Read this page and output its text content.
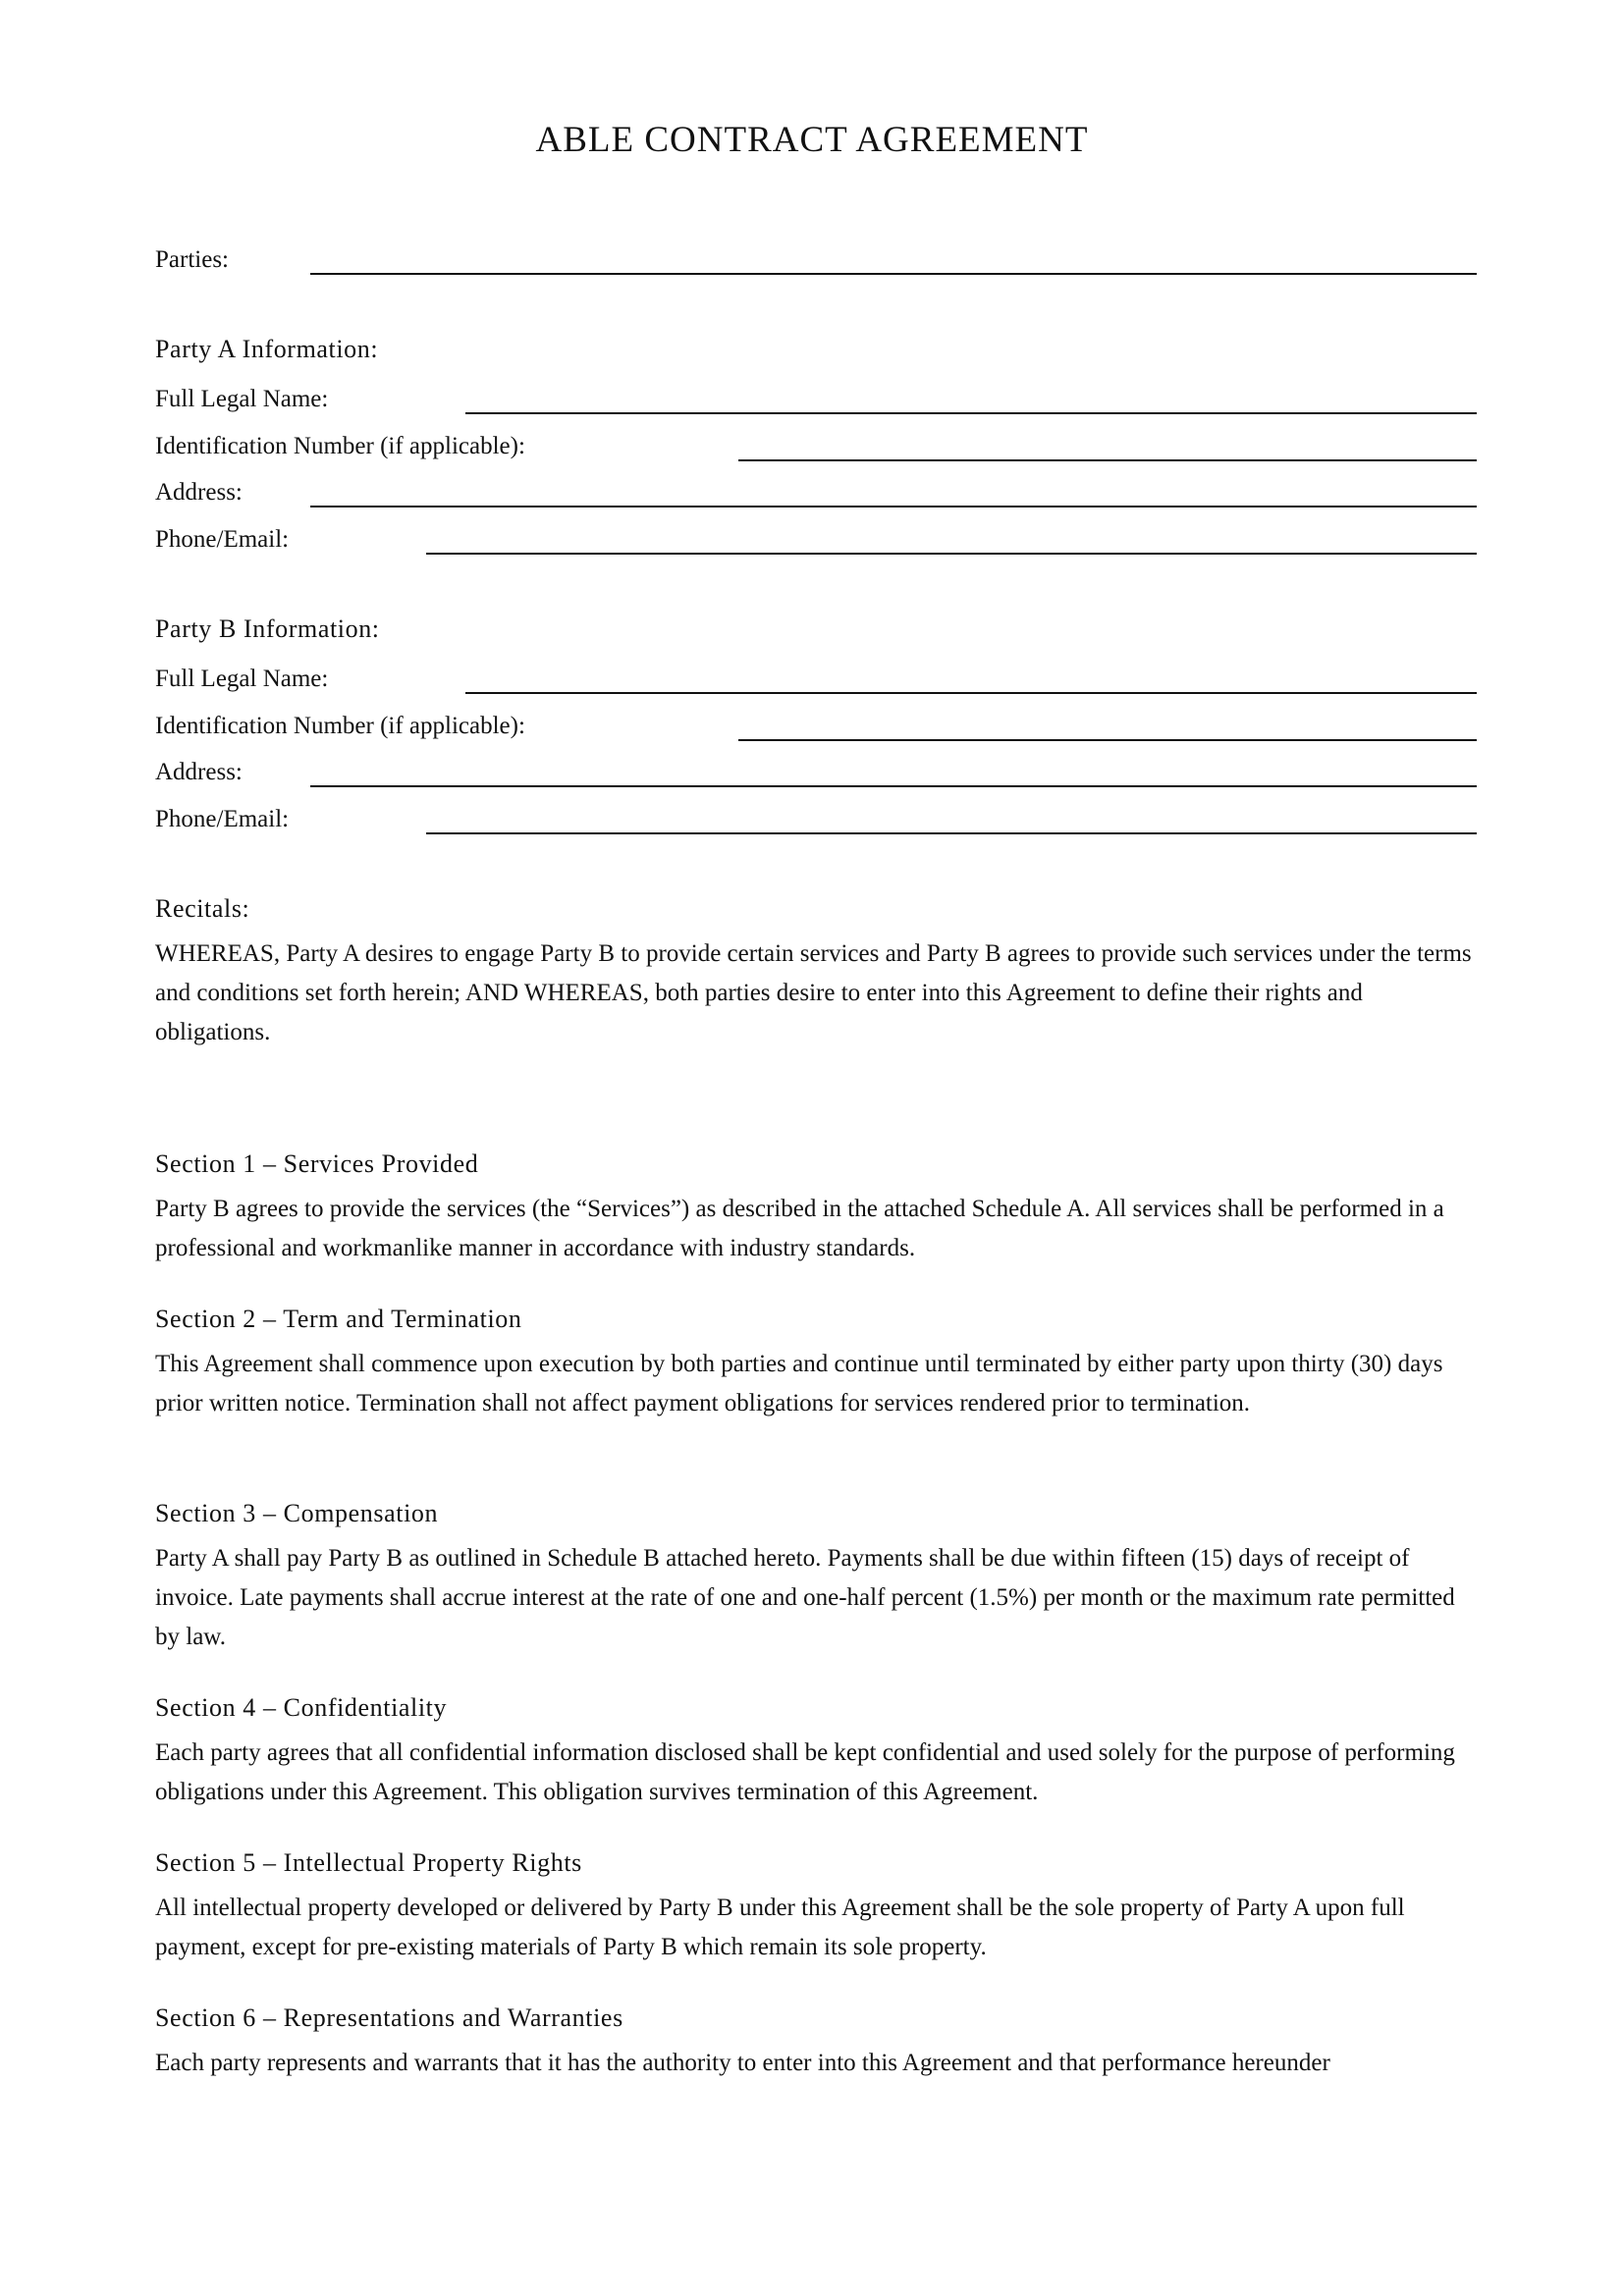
ABLE CONTRACT AGREEMENT
Parties:
Party A Information:
Full Legal Name:
Identification Number (if applicable):
Address:
Phone/Email:
Party B Information:
Full Legal Name:
Identification Number (if applicable):
Address:
Phone/Email:
Recitals:
WHEREAS, Party A desires to engage Party B to provide certain services and Party B agrees to provide such services under the terms and conditions set forth herein; AND WHEREAS, both parties desire to enter into this Agreement to define their rights and obligations.
Section 1 – Services Provided
Party B agrees to provide the services (the “Services”) as described in the attached Schedule A. All services shall be performed in a professional and workmanlike manner in accordance with industry standards.
Section 2 – Term and Termination
This Agreement shall commence upon execution by both parties and continue until terminated by either party upon thirty (30) days prior written notice. Termination shall not affect payment obligations for services rendered prior to termination.
Section 3 – Compensation
Party A shall pay Party B as outlined in Schedule B attached hereto. Payments shall be due within fifteen (15) days of receipt of invoice. Late payments shall accrue interest at the rate of one and one-half percent (1.5%) per month or the maximum rate permitted by law.
Section 4 – Confidentiality
Each party agrees that all confidential information disclosed shall be kept confidential and used solely for the purpose of performing obligations under this Agreement. This obligation survives termination of this Agreement.
Section 5 – Intellectual Property Rights
All intellectual property developed or delivered by Party B under this Agreement shall be the sole property of Party A upon full payment, except for pre-existing materials of Party B which remain its sole property.
Section 6 – Representations and Warranties
Each party represents and warrants that it has the authority to enter into this Agreement and that performance hereunder
